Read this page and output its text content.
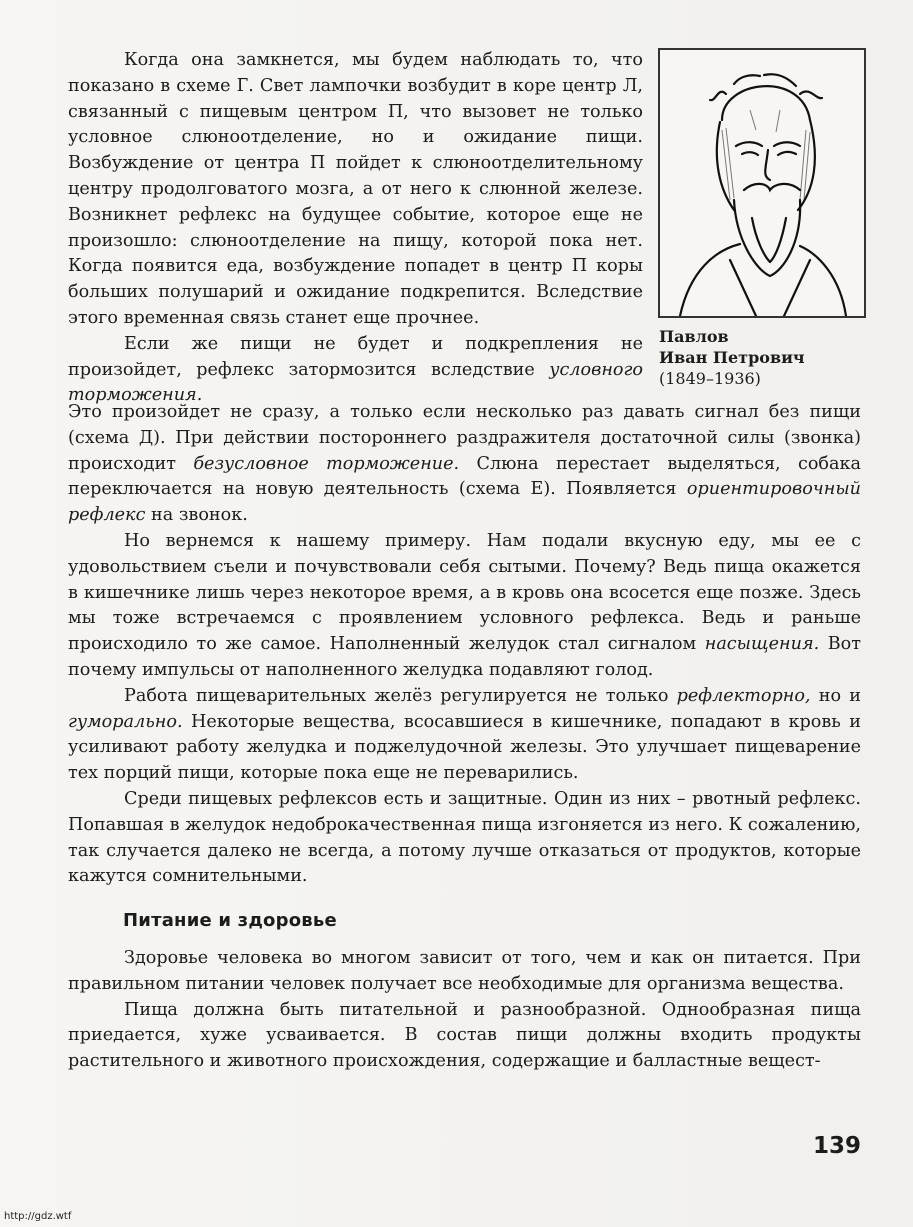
Когда она замкнется, мы будем наблюдать то, что показано в схеме Г. Свет лампочки возбудит в коре центр Л, связанный с пищевым центром П, что вызовет не только условное слюноотделение, но и ожидание пищи. Возбуждение от центра П пойдет к слюноотделительному центру продолговатого мозга, а от него к слюнной железе. Возникнет рефлекс на будущее событие, которое еще не произошло: слюноотделение на пищу, которой пока нет. Когда появится еда, возбуждение попадет в центр П коры больших полушарий и ожидание подкрепится. Вследствие этого временная связь станет еще прочнее.

Если же пищи не будет и подкрепления не произойдет, рефлекс затормозится вследствие условного торможения.

Это произойдет не сразу, а только если несколько раз давать сигнал без пищи (схема Д). При действии постороннего раздражителя достаточной силы (звонка) происходит безусловное торможение. Слюна перестает выделяться, собака переключается на новую деятельность (схема Е). Появляется ориентировочный рефлекс на звонок.

Но вернемся к нашему примеру. Нам подали вкусную еду, мы ее с удовольствием съели и почувствовали себя сытыми. Почему? Ведь пища окажется в кишечнике лишь через некоторое время, а в кровь она всосется еще позже. Здесь мы тоже встречаемся с проявлением условного рефлекса. Ведь и раньше происходило то же самое. Наполненный желудок стал сигналом насыщения. Вот почему импульсы от наполненного желудка подавляют голод.

Работа пищеварительных желёз регулируется не только рефлекторно, но и гуморально. Некоторые вещества, всосавшиеся в кишечнике, попадают в кровь и усиливают работу желудка и поджелудочной железы. Это улучшает пищеварение тех порций пищи, которые пока еще не переварились.

Среди пищевых рефлексов есть и защитные. Один из них – рвотный рефлекс. Попавшая в желудок недоброкачественная пища изгоняется из него. К сожалению, так случается далеко не всегда, а потому лучше отказаться от продуктов, которые кажутся сомнительными.

Питание и здоровье

Здоровье человека во многом зависит от того, чем и как он питается. При правильном питании человек получает все необходимые для организма вещества.

Пища должна быть питательной и разнообразной. Однообразная пища приедается, хуже усваивается. В состав пищи должны входить продукты растительного и животного происхождения, содержащие и балластные вещест-

Павлов
Иван Петрович
(1849–1936)
139
http://gdz.wtf
